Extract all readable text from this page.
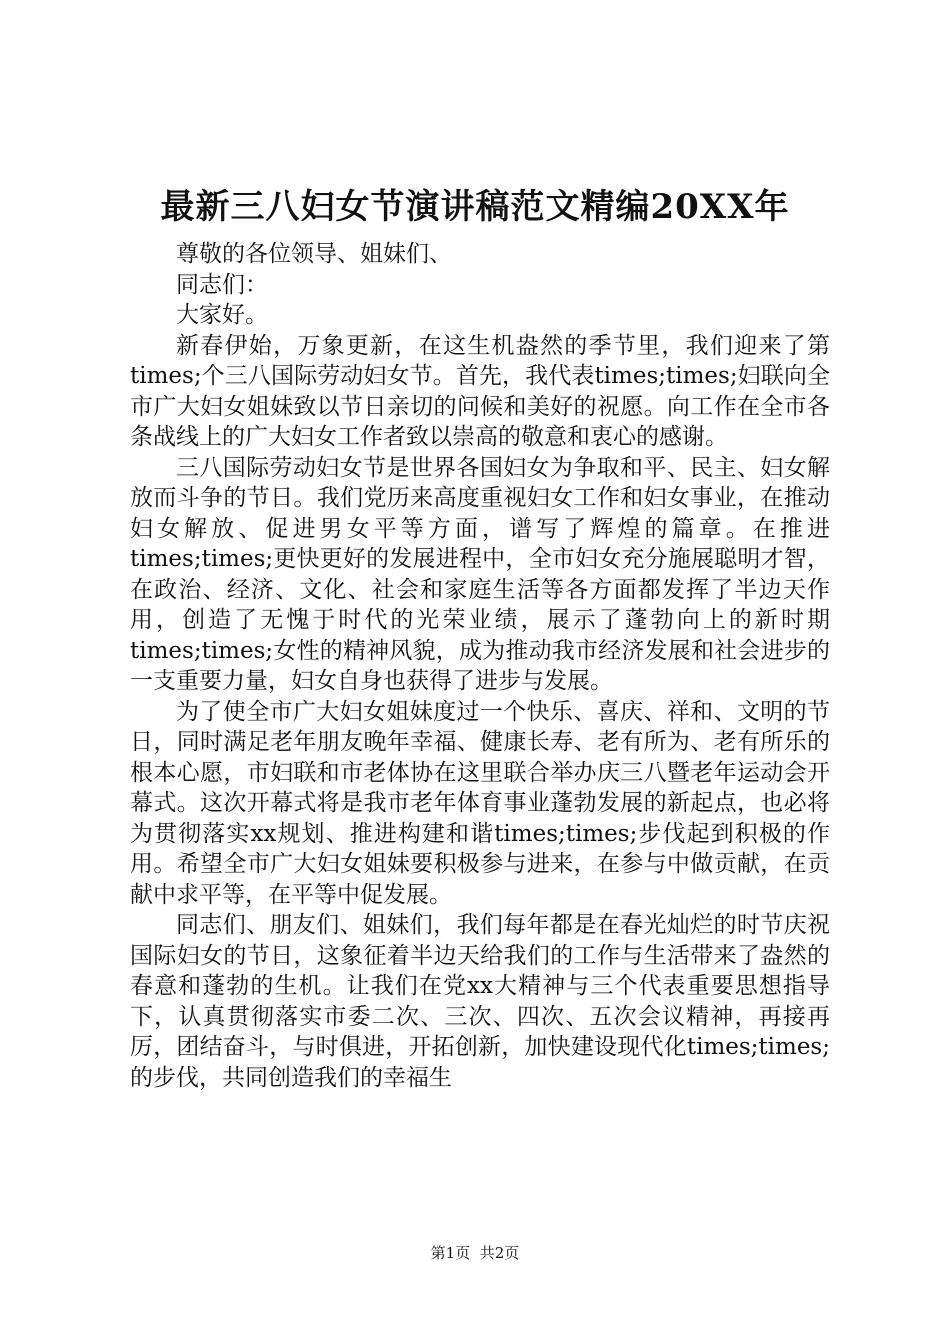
最新三八妇女节演讲稿范文精编20XX年

尊敬的各位领导、姐妹们、

同志们：

大家好。

新春伊始，万象更新，在这生机盎然的季节里，我们迎来了第times;个三八国际劳动妇女节。首先，我代表times;times;妇联向全市广大妇女姐妹致以节日亲切的问候和美好的祝愿。向工作在全市各条战线上的广大妇女工作者致以崇高的敬意和衷心的感谢。

三八国际劳动妇女节是世界各国妇女为争取和平、民主、妇女解放而斗争的节日。我们党历来高度重视妇女工作和妇女事业，在推动妇女解放、促进男女平等方面，谱写了辉煌的篇章。在推进times;times;更快更好的发展进程中，全市妇女充分施展聪明才智，在政治、经济、文化、社会和家庭生活等各方面都发挥了半边天作用，创造了无愧于时代的光荣业绩，展示了蓬勃向上的新时期times;times;女性的精神风貌，成为推动我市经济发展和社会进步的一支重要力量，妇女自身也获得了进步与发展。

为了使全市广大妇女姐妹度过一个快乐、喜庆、祥和、文明的节日，同时满足老年朋友晚年幸福、健康长寿、老有所为、老有所乐的根本心愿，市妇联和市老体协在这里联合举办庆三八暨老年运动会开幕式。这次开幕式将是我市老年体育事业蓬勃发展的新起点，也必将为贯彻落实xx规划、推进构建和谐times;times;步伐起到积极的作用。希望全市广大妇女姐妹要积极参与进来，在参与中做贡献，在贡献中求平等，在平等中促发展。

同志们、朋友们、姐妹们，我们每年都是在春光灿烂的时节庆祝国际妇女的节日，这象征着半边天给我们的工作与生活带来了盎然的春意和蓬勃的生机。让我们在党xx大精神与三个代表重要思想指导下，认真贯彻落实市委二次、三次、四次、五次会议精神，再接再厉，团结奋斗，与时俱进，开拓创新，加快建设现代化times;times;的步伐，共同创造我们的幸福生

第1页 共2页
